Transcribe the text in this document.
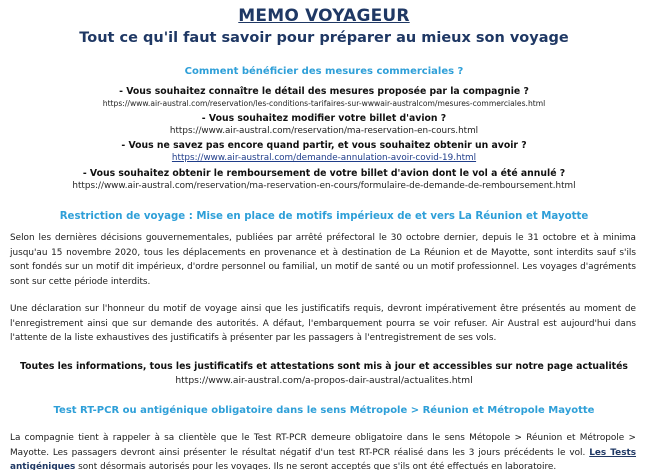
MEMO VOYAGEUR
Tout ce qu'il faut savoir pour préparer au mieux son voyage
Comment bénéficier des mesures commerciales ?
- Vous souhaitez connaître le détail des mesures proposée par la compagnie ?
https://www.air-austral.com/reservation/les-conditions-tarifaires-sur-wwwair-australcom/mesures-commerciales.html
- Vous souhaitez modifier votre billet d'avion ?
https://www.air-austral.com/reservation/ma-reservation-en-cours.html
- Vous ne savez pas encore quand partir, et vous souhaitez obtenir un avoir ?
https://www.air-austral.com/demande-annulation-avoir-covid-19.html
- Vous souhaitez obtenir le remboursement de votre billet d'avion dont le vol a été annulé ?
https://www.air-austral.com/reservation/ma-reservation-en-cours/formulaire-de-demande-de-remboursement.html
Restriction de voyage : Mise en place de motifs impérieux de et vers La Réunion et Mayotte
Selon les dernières décisions gouvernementales, publiées par arrêté préfectoral le 30 octobre dernier, depuis le 31 octobre et à minima jusqu'au 15 novembre 2020, tous les déplacements en provenance et à destination de La Réunion et de Mayotte, sont interdits sauf s'ils sont fondés sur un motif dit impérieux, d'ordre personnel ou familial, un motif de santé ou un motif professionnel. Les voyages d'agréments sont sur cette période interdits.
Une déclaration sur l'honneur du motif de voyage ainsi que les justificatifs requis, devront impérativement être présentés au moment de l'enregistrement ainsi que sur demande des autorités. A défaut, l'embarquement pourra se voir refuser. Air Austral est aujourd'hui dans l'attente de la liste exhaustives des justificatifs à présenter par les passagers à l'entregistrement de ses vols.
Toutes les informations, tous les justificatifs et attestations sont mis à jour et accessibles sur notre page actualités
https://www.air-austral.com/a-propos-dair-austral/actualites.html
Test RT-PCR ou antigénique obligatoire dans le sens Métropole > Réunion et Métropole Mayotte
La compagnie tient à rappeler à sa clientèle que le Test RT-PCR demeure obligatoire dans le sens Métopole > Réunion et Métropole > Mayotte. Les passagers devront ainsi présenter le résultat négatif d'un test RT-PCR réalisé dans les 3 jours précédents le vol. Les Tests antigéniques sont désormais autorisés pour les voyages. Ils ne seront acceptés que s'ils ont été effectués en laboratoire.
